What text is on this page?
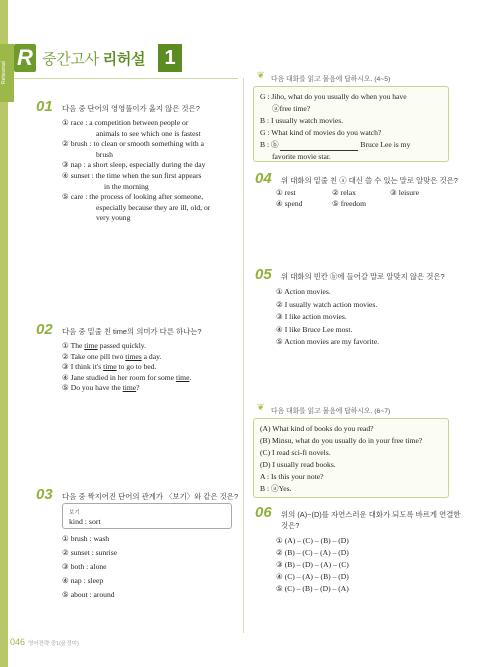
Rehearsal
R 중간고사 리허설 1
01 다음 중 단어의 영영풀이가 옳지 않은 것은?
① race : a competition between people or
animals to see which one is fastest
② brush : to clean or smooth something with a
brush
③ nap : a short sleep, especially during the day
④ sunset : the time when the sun first appears
in the morning
⑤ care : the process of looking after someone,
especially because they are ill, old, or
very young
02 다음 중 밑줄 친 time의 의미가 다른 하나는?
① The time passed quickly.
② Take one pill two times a day.
③ I think it's time to go to bed.
④ Jane studied in her room for some time.
⑤ Do you have the time?
03 다음 중 짝지어진 단어의 관계가 〈보기〉와 같은 것은?
보기
kind : sort
① brush : wash
② sunset : sunrise
③ both : alone
④ nap : sleep
⑤ about : around
❦ 다음 대화를 읽고 물음에 답하시오. (4~5)
G : Jiho, what do you usually do when you have
ⓐfree time?
B : I usually watch movies.
G : What kind of movies do you watch?
B : ⓑ	Bruce Lee is my
favorite movie star.
04 위 대화의 밑줄 친 ⓐ 대신 쓸 수 있는 말로 알맞은 것은?
① rest	② relax	③ leisure
④ spend	⑤ freedom
05 위 대화의 빈칸 ⓑ에 들어갈 말로 알맞지 않은 것은?
① Action movies.
② I usually watch action movies.
③ I like action movies.
④ I like Bruce Lee most.
⑤ Action movies are my favorite.
❦ 다음 대화를 읽고 물음에 답하시오. (6~7)
(A) What kind of books do you read?
(B) Minsu, what do you usually do in your free time?
(C) I read sci-fi novels.
(D) I usually read books.
A : Is this your note?
B : ⓐYes.
06 위의 (A)~(D)를 자연스러운 대화가 되도록 바르게 연결한
것은?
① (A) – (C) – (B) – (D)
② (B) – (C) – (A) – (D)
③ (B) – (D) – (A) – (C)
④ (C) – (A) – (B) – (D)
⑤ (C) – (B) – (D) – (A)
046 영어전략 중1(윤정미)
